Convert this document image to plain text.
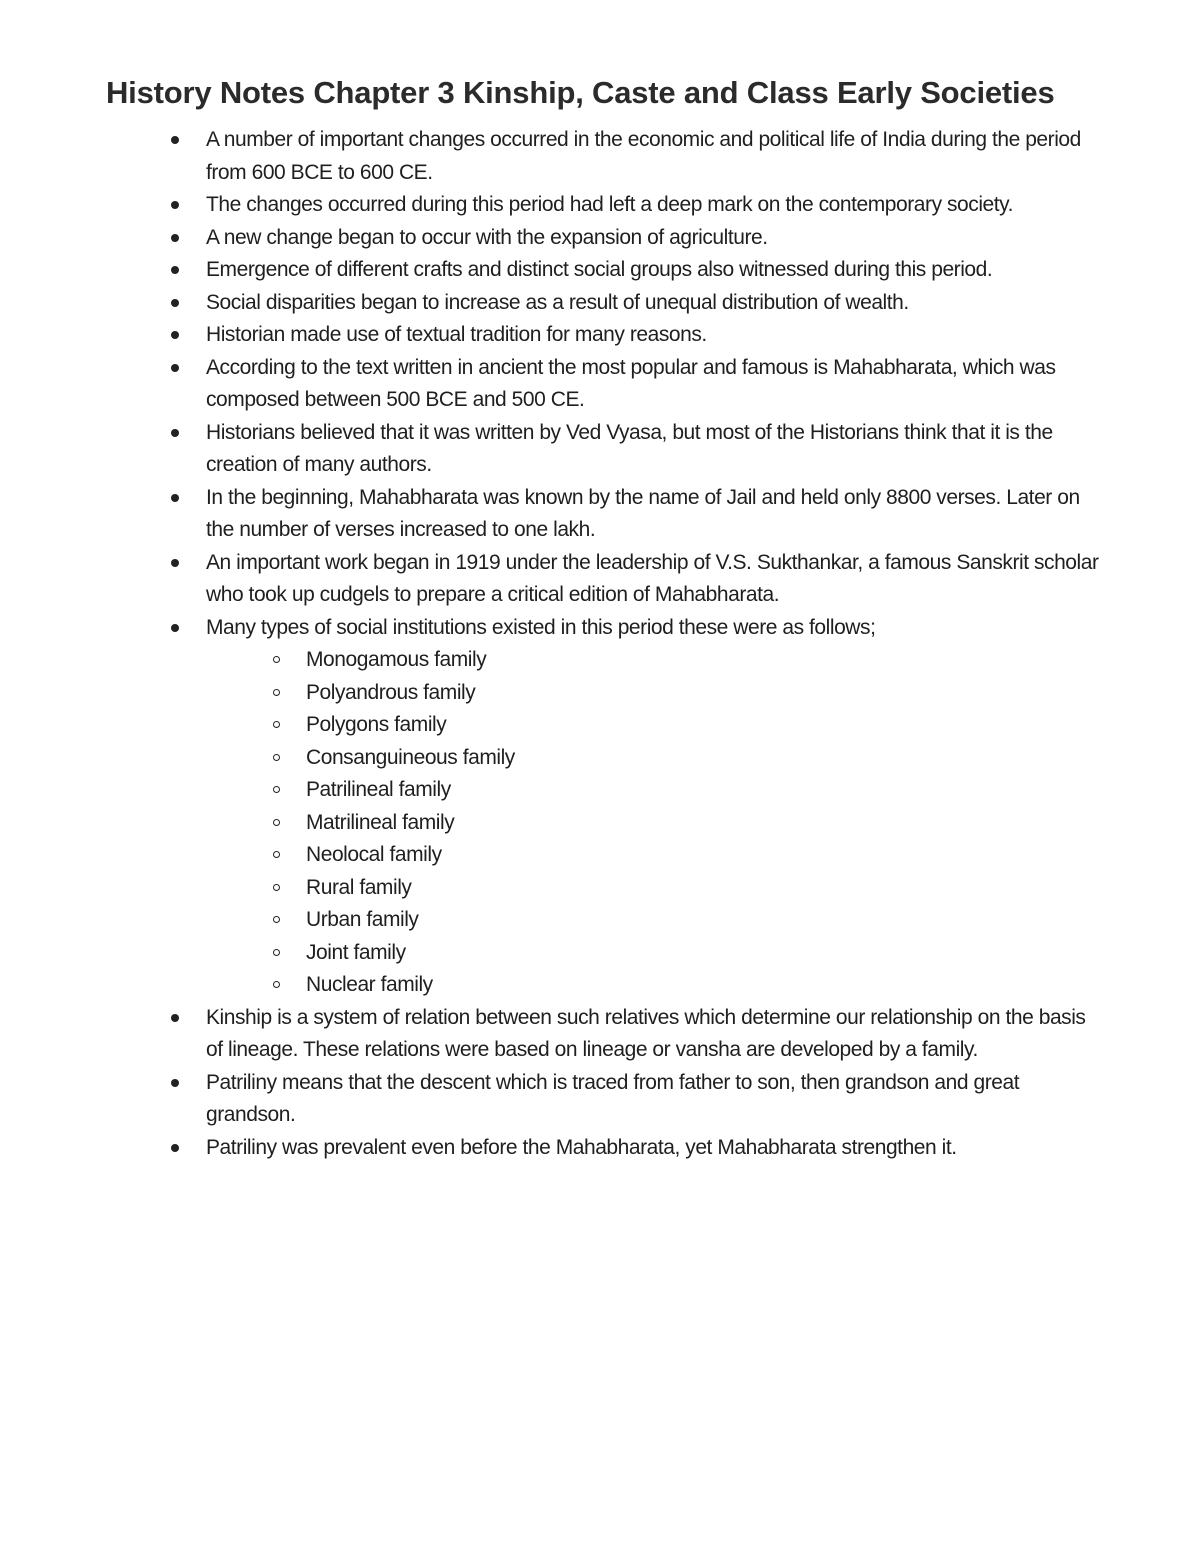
History Notes Chapter 3 Kinship, Caste and Class Early Societies
A number of important changes occurred in the economic and political life of India during the period from 600 BCE to 600 CE.
The changes occurred during this period had left a deep mark on the contemporary society.
A new change began to occur with the expansion of agriculture.
Emergence of different crafts and distinct social groups also witnessed during this period.
Social disparities began to increase as a result of unequal distribution of wealth.
Historian made use of textual tradition for many reasons.
According to the text written in ancient the most popular and famous is Mahabharata, which was composed between 500 BCE and 500 CE.
Historians believed that it was written by Ved Vyasa, but most of the Historians think that it is the creation of many authors.
In the beginning, Mahabharata was known by the name of Jail and held only 8800 verses. Later on the number of verses increased to one lakh.
An important work began in 1919 under the leadership of V.S. Sukthankar, a famous Sanskrit scholar who took up cudgels to prepare a critical edition of Mahabharata.
Many types of social institutions existed in this period these were as follows;
Monogamous family
Polyandrous family
Polygons family
Consanguineous family
Patrilineal family
Matrilineal family
Neolocal family
Rural family
Urban family
Joint family
Nuclear family
Kinship is a system of relation between such relatives which determine our relationship on the basis of lineage. These relations were based on lineage or vansha are developed by a family.
Patriliny means that the descent which is traced from father to son, then grandson and great grandson.
Patriliny was prevalent even before the Mahabharata, yet Mahabharata strengthen it.
